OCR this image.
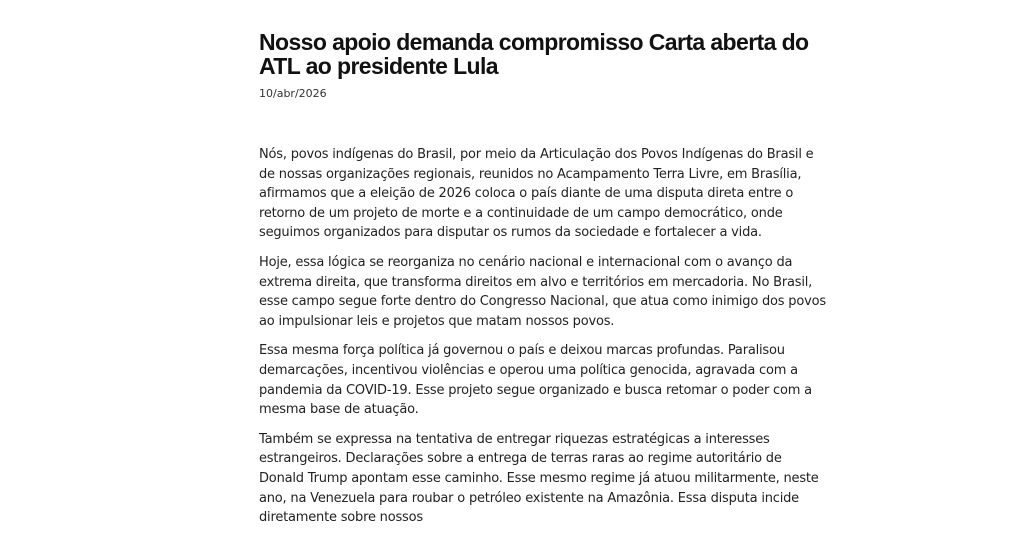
Nosso apoio demanda compromisso Carta aberta do ATL ao presidente Lula
10/abr/2026

Nós, povos indígenas do Brasil, por meio da Articulação dos Povos Indígenas do Brasil e de nossas organizações regionais, reunidos no Acampamento Terra Livre, em Brasília, afirmamos que a eleição de 2026 coloca o país diante de uma disputa direta entre o retorno de um projeto de morte e a continuidade de um campo democrático, onde seguimos organizados para disputar os rumos da sociedade e fortalecer a vida.

Hoje, essa lógica se reorganiza no cenário nacional e internacional com o avanço da extrema direita, que transforma direitos em alvo e territórios em mercadoria. No Brasil, esse campo segue forte dentro do Congresso Nacional, que atua como inimigo dos povos ao impulsionar leis e projetos que matam nossos povos.

Essa mesma força política já governou o país e deixou marcas profundas. Paralisou demarcações, incentivou violências e operou uma política genocida, agravada com a pandemia da COVID-19. Esse projeto segue organizado e busca retomar o poder com a mesma base de atuação.

Também se expressa na tentativa de entregar riquezas estratégicas a interesses estrangeiros. Declarações sobre a entrega de terras raras ao regime autoritário de Donald Trump apontam esse caminho. Esse mesmo regime já atuou militarmente, neste ano, na Venezuela para roubar o petróleo existente na Amazônia. Essa disputa incide diretamente sobre nossos
